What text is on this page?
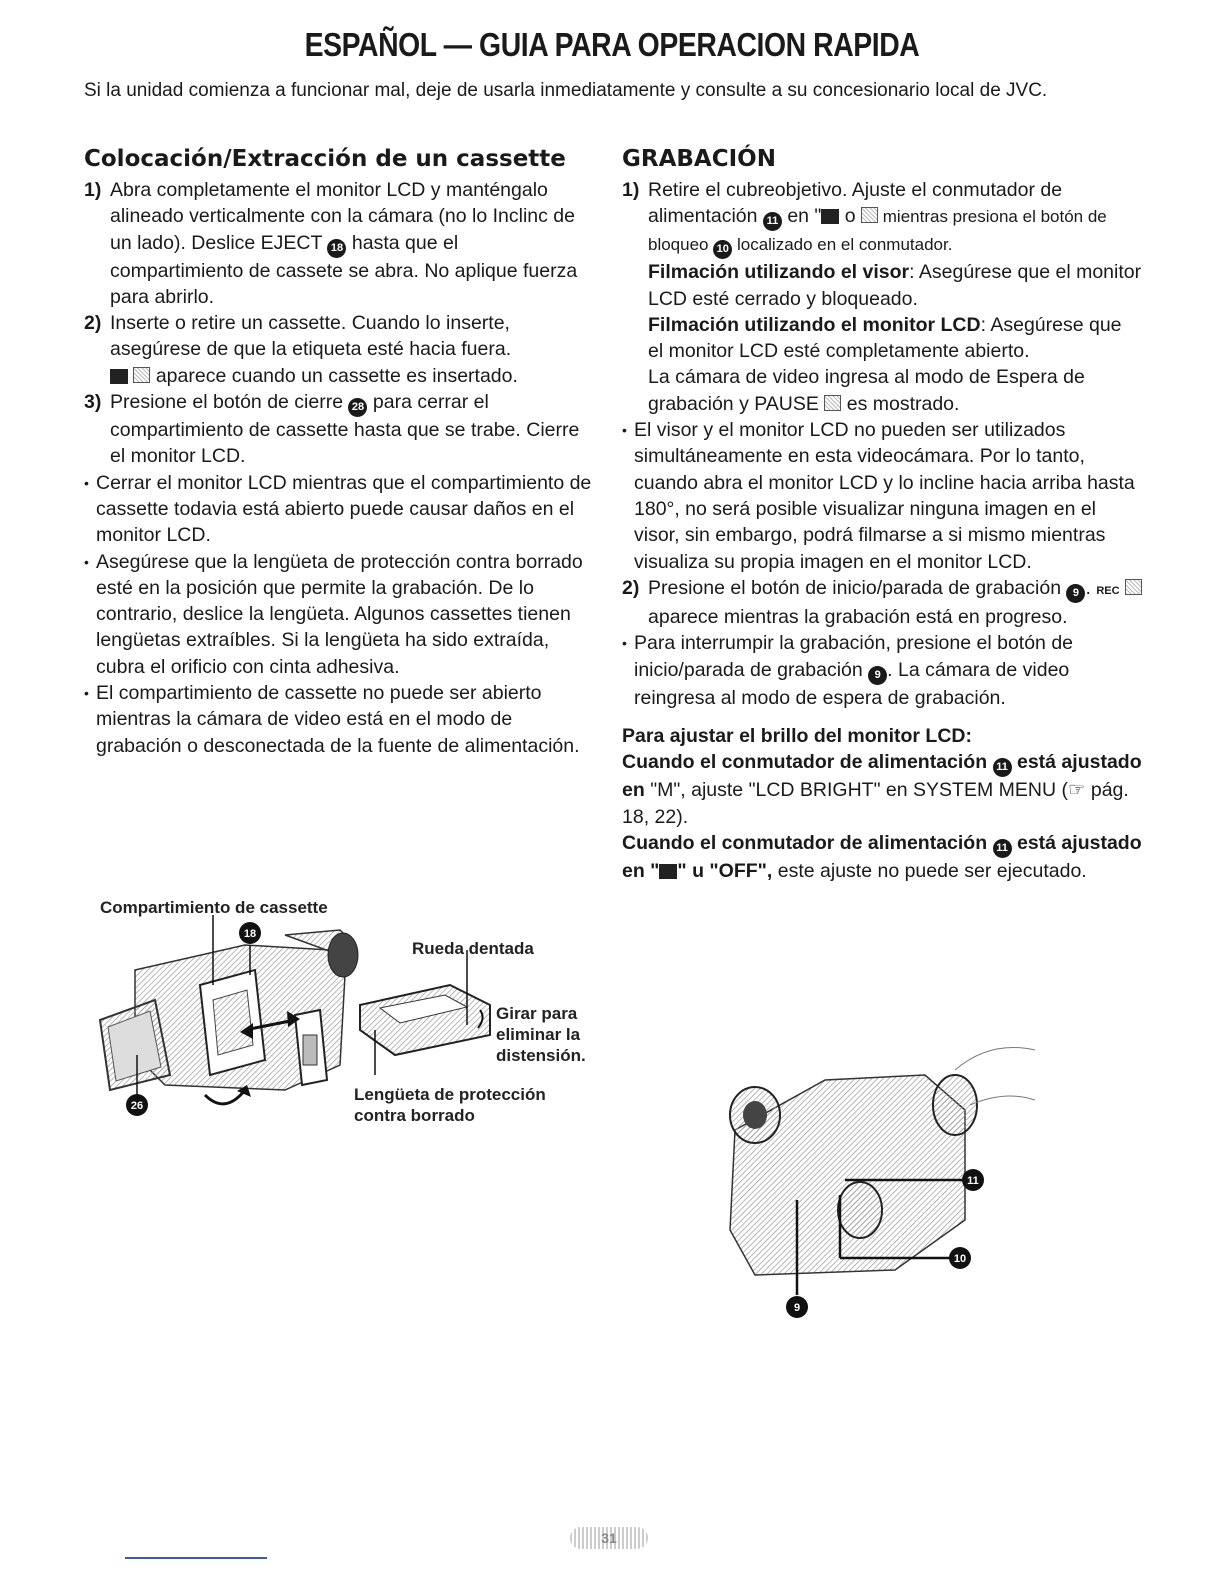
ESPAÑOL — GUIA PARA OPERACION RAPIDA
Si la unidad comienza a funcionar mal, deje de usarla inmediatamente y consulte a su concesionario local de JVC.
Colocación/Extracción de un cassette

1) Abra completamente el monitor LCD y manténgalo alineado verticalmente con la cámara (no lo Inclinc de un lado). Deslice EJECT 18 hasta que el compartimiento de cassete se abra. No aplique fuerza para abrirlo.

2) Inserte o retire un cassette. Cuando lo inserte, asegúrese de que la etiqueta esté hacia fuera.
aparece cuando un cassette es insertado.

3) Presione el botón de cierre 28 para cerrar el compartimiento de cassette hasta que se trabe. Cierre el monitor LCD.

• Cerrar el monitor LCD mientras que el compartimiento de cassette todavia está abierto puede causar daños en el monitor LCD.

• Asegúrese que la lengüeta de protección contra borrado esté en la posición que permite la grabación. De lo contrario, deslice la lengüeta. Algunos cassettes tienen lengüetas extraíbles. Si la lengüeta ha sido extraída, cubra el orificio con cinta adhesiva.

• El compartimiento de cassette no puede ser abierto mientras la cámara de video está en el modo de grabación o desconectada de la fuente de alimentación.

Compartimiento de cassette
Rueda dentada
Girar para eliminar la distensión.
Lengüeta de protección contra borrado
18
26
GRABACIÓN

1) Retire el cubreobjetivo. Ajuste el conmutador de alimentación 11 en " o  mientras presiona el botón de bloqueo 10 localizado en el conmutador.
Filmación utilizando el visor: Asegúrese que el monitor LCD esté cerrado y bloqueado.
Filmación utilizando el monitor LCD: Asegúrese que el monitor LCD esté completamente abierto.
La cámara de video ingresa al modo de Espera de grabación y PAUSE  es mostrado.

• El visor y el monitor LCD no pueden ser utilizados simultáneamente en esta videocámara. Por lo tanto, cuando abra el monitor LCD y lo incline hacia arriba hasta 180°, no será posible visualizar ninguna imagen en el visor, sin embargo, podrá filmarse a si mismo mientras visualiza su propia imagen en el monitor LCD.

2) Presione el botón de inicio/parada de grabación 9 . REC  aparece mientras la grabación está en progreso.

• Para interrumpir la grabación, presione el botón de inicio/parada de grabación 9 . La cámara de video reingresa al modo de espera de grabación.

Para ajustar el brillo del monitor LCD:
Cuando el conmutador de alimentación 11 está ajustado en "M", ajuste "LCD BRIGHT" en SYSTEM MENU (☞ pág. 18, 22).
Cuando el conmutador de alimentación 11 está ajustado en " " u "OFF", este ajuste no puede ser ejecutado.
11
10
9
31
